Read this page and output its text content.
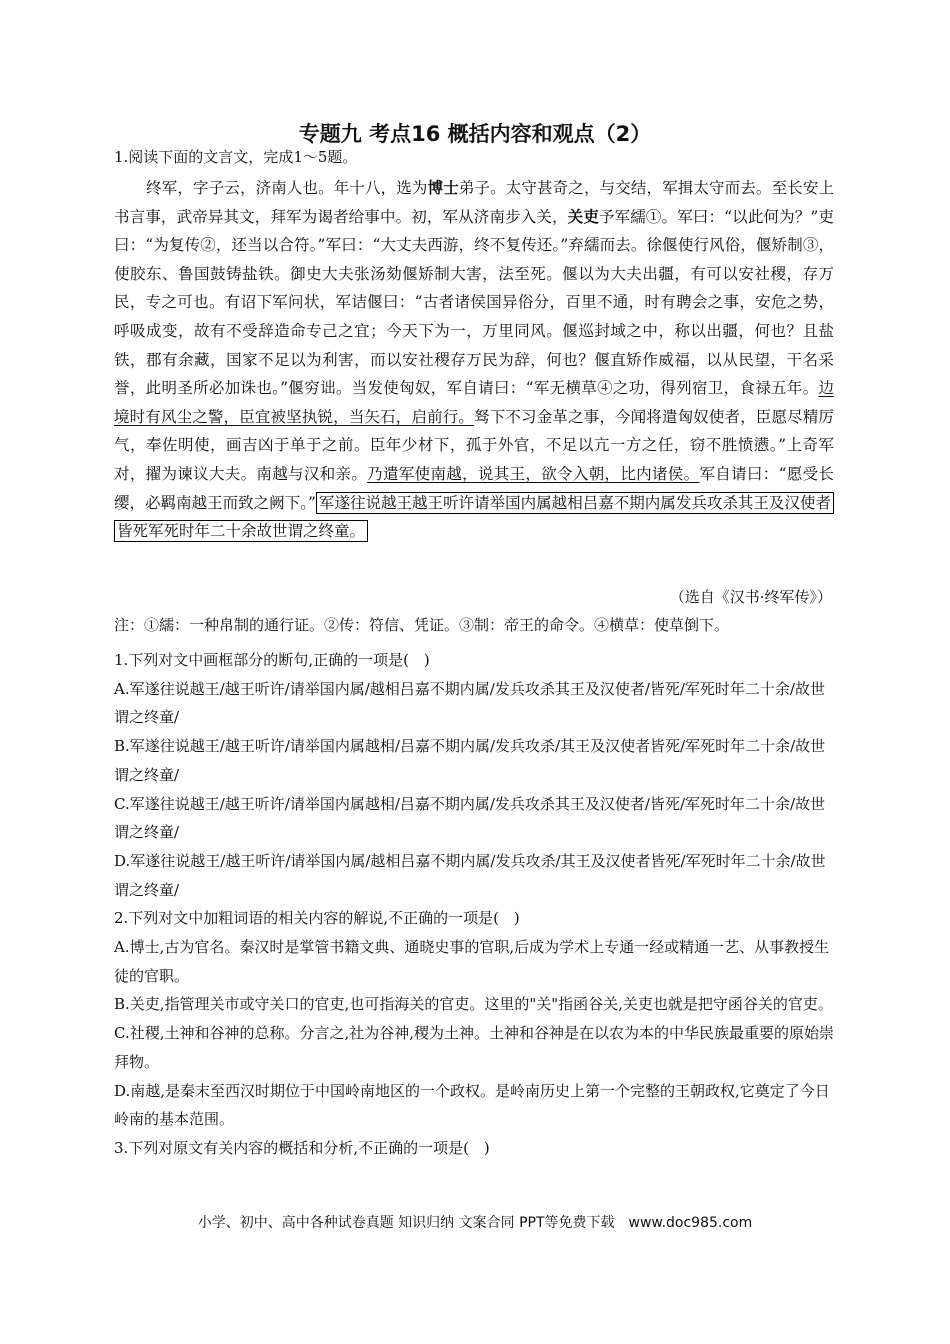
专题九 考点16 概括内容和观点（2）
1.阅读下面的文言文，完成1～5题。
终军，字子云，济南人也。年十八，选为博士弟子。太守甚奇之，与交结，军揖太守而去。至长安上书言事，武帝异其文，拜军为谒者给事中。初，军从济南步入关，关吏予军繻①。军曰：“以此何为？”吏曰：“为复传②，还当以合符。”军曰：“大丈夫西游，终不复传还。”弃繻而去。徐偃使行风俗，偃矫制③，使胶东、鲁国鼓铸盐铁。御史大夫张汤劾偃矫制大害，法至死。偃以为大夫出疆，有可以安社稷，存万民，专之可也。有诏下军问状，军诘偃曰：“古者诸侯国异俗分，百里不通，时有聘会之事，安危之势，呼吸成变，故有不受辞造命专己之宜；今天下为一，万里同风。偃巡封域之中，称以出疆，何也？且盐铁，郡有余藏，国家不足以为利害，而以安社稷存万民为辞，何也？偃直矫作威福，以从民望，干名采誉，此明圣所必加诛也。”偃穷诎。当发使匈奴，军自请曰：“军无横草④之功，得列宿卫，食禄五年。边境时有风尘之警，臣宜被坚执锐，当矢石，启前行。驽下不习金革之事，今闻将遣匈奴使者，臣愿尽精厉气，奉佐明使，画吉凶于单于之前。臣年少材下，孤于外官，不足以亢一方之任，窃不胜愤懑。”上奇军对，擢为谏议大夫。南越与汉和亲。乃遣军使南越，说其王，欲令入朝，比内诸侯。军自请曰：“愿受长缨，必羁南越王而致之阙下。” 军遂往说越王越王听许请举国内属越相吕嘉不期内属发兵攻杀其王及汉使者皆死军死时年二十余故世谓之终童。
（选自《汉书·终军传》）
注：①繻：一种帛制的通行证。②传：符信、凭证。③制：帝王的命令。④横草：使草倒下。

1.下列对文中画框部分的断句,正确的一项是(　)

A.军遂往说越王/越王听许/请举国内属/越相吕嘉不期内属/发兵攻杀其王及汉使者/皆死/军死时年二十余/故世谓之终童/

B.军遂往说越王/越王听许/请举国内属越相/吕嘉不期内属/发兵攻杀/其王及汉使者皆死/军死时年二十余/故世谓之终童/

C.军遂往说越王/越王听许/请举国内属越相/吕嘉不期内属/发兵攻杀其王及汉使者/皆死/军死时年二十余/故世谓之终童/

D.军遂往说越王/越王听许/请举国内属/越相吕嘉不期内属/发兵攻杀/其王及汉使者皆死/军死时年二十余/故世谓之终童/

2.下列对文中加粗词语的相关内容的解说,不正确的一项是(　)

A.博士,古为官名。秦汉时是掌管书籍文典、通晓史事的官职,后成为学术上专通一经或精通一艺、从事教授生徒的官职。

B.关吏,指管理关市或守关口的官吏,也可指海关的官吏。这里的"关"指函谷关,关吏也就是把守函谷关的官吏。

C.社稷,土神和谷神的总称。分言之,社为谷神,稷为土神。土神和谷神是在以农为本的中华民族最重要的原始崇拜物。

D.南越,是秦末至西汉时期位于中国岭南地区的一个政权。是岭南历史上第一个完整的王朝政权,它奠定了今日岭南的基本范围。

3.下列对原文有关内容的概括和分析,不正确的一项是(　)

小学、初中、高中各种试卷真题 知识归纳 文案合同 PPT等免费下载　www.doc985.com
